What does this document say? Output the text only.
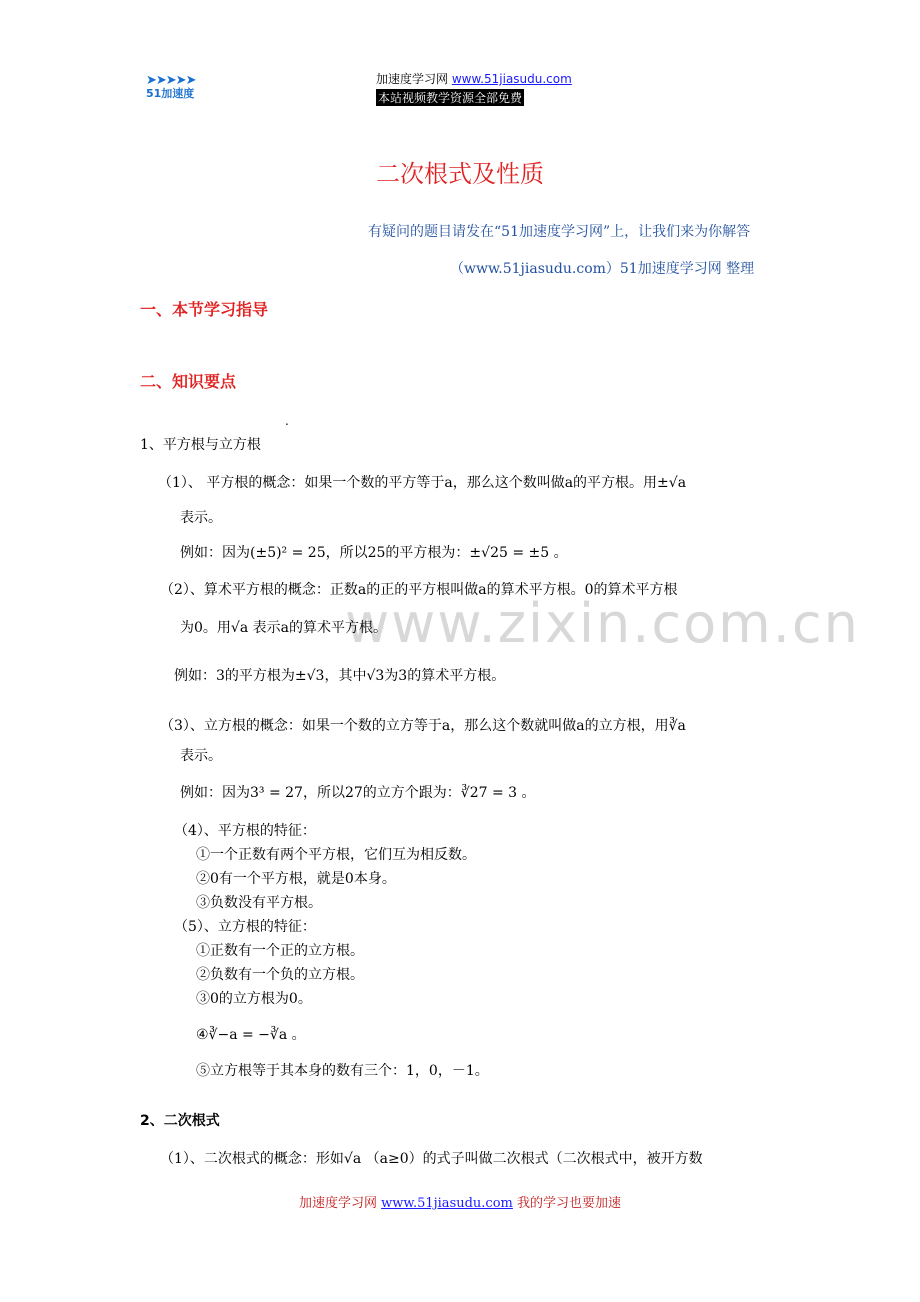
➤➤➤➤➤
51加速度
加速度学习网 www.51jiasudu.com
本站视频教学资源全部免费
www.zixin.com.cn
二次根式及性质
有疑问的题目请发在“51加速度学习网”上，让我们来为你解答
（www.51jiasudu.com）51加速度学习网 整理
一、本节学习指导
二、知识要点
.
1、平方根与立方根
（1）、 平方根的概念：如果一个数的平方等于a，那么这个数叫做a的平方根。用±√a
表示。
例如：因为(±5)² = 25，所以25的平方根为：±√25 = ±5 。
（2）、算术平方根的概念：正数a的正的平方根叫做a的算术平方根。0的算术平方根
为0。用√a 表示a的算术平方根。
例如：3的平方根为±√3，其中√3为3的算术平方根。
（3）、立方根的概念：如果一个数的立方等于a，那么这个数就叫做a的立方根，用∛a
表示。
例如：因为3³ = 27，所以27的立方个跟为：∛27 = 3 。
（4）、平方根的特征：
①一个正数有两个平方根，它们互为相反数。
②0有一个平方根，就是0本身。
③负数没有平方根。
（5）、立方根的特征：
①正数有一个正的立方根。
②负数有一个负的立方根。
③0的立方根为0。
④∛−a = −∛a 。
⑤立方根等于其本身的数有三个：1，0，－1。
2、二次根式
（1）、二次根式的概念：形如√a （a≥0）的式子叫做二次根式（二次根式中，被开方数
加速度学习网 www.51jiasudu.com 我的学习也要加速
